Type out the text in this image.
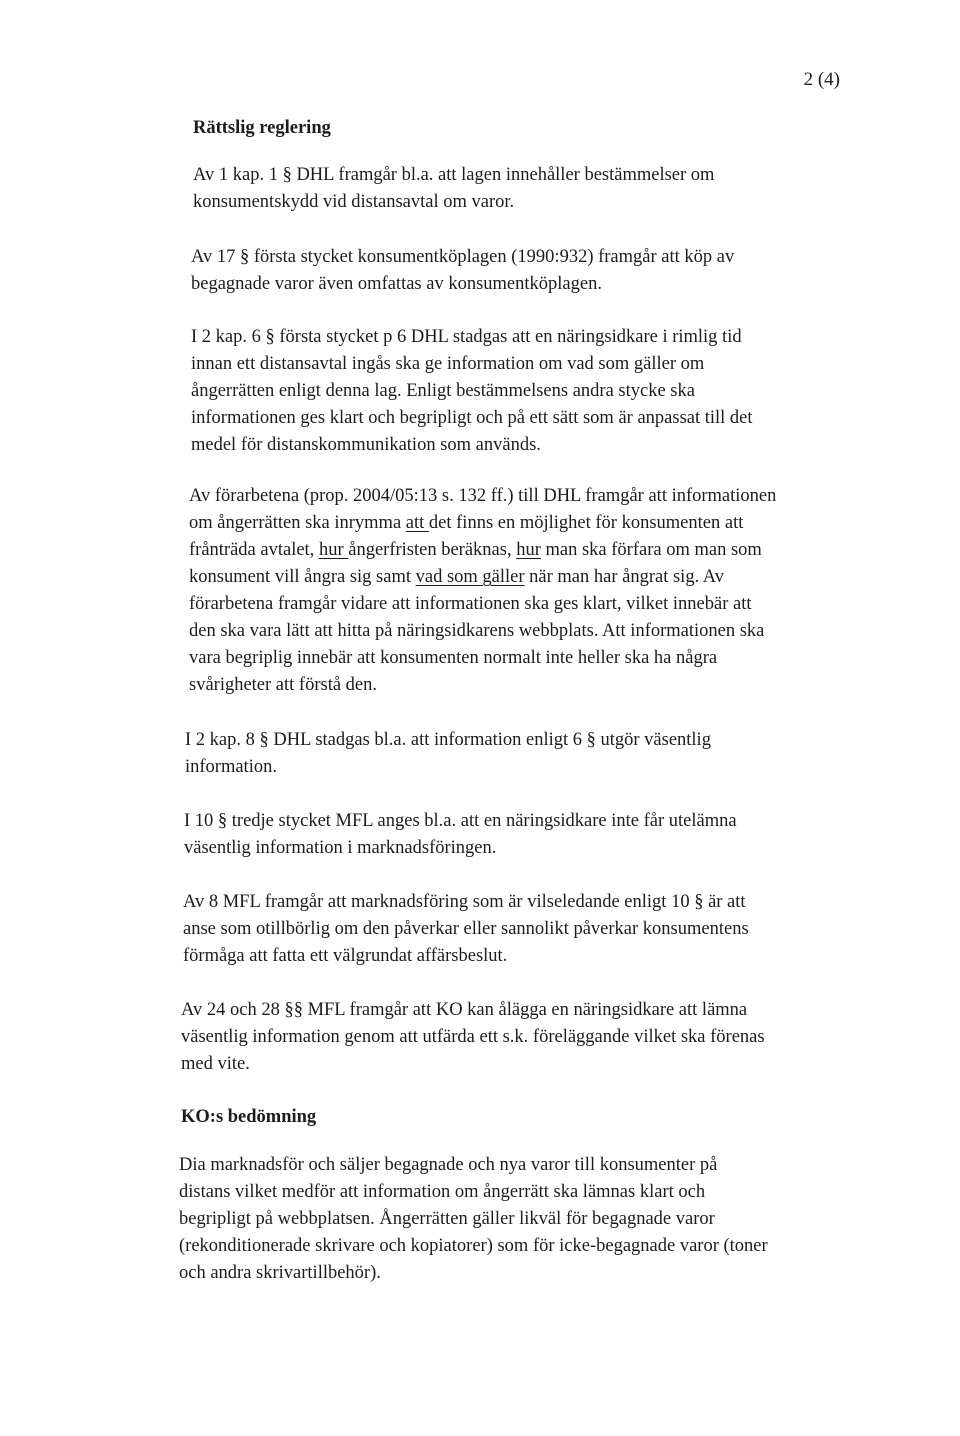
2 (4)
Rättslig reglering

Av 1 kap. 1 § DHL framgår bl.a. att lagen innehåller bestämmelser om
konsumentskydd vid distansavtal om varor.

Av 17 § första stycket konsumentköplagen (1990:932) framgår att köp av
begagnade varor även omfattas av konsumentköplagen.

I 2 kap. 6 § första stycket p 6 DHL stadgas att en näringsidkare i rimlig tid
innan ett distansavtal ingås ska ge information om vad som gäller om
ångerrätten enligt denna lag. Enligt bestämmelsens andra stycke ska
informationen ges klart och begripligt och på ett sätt som är anpassat till det
medel för distanskommunikation som används.

Av förarbetena (prop. 2004/05:13 s. 132 ff.) till DHL framgår att informationen
om ångerrätten ska inrymma att det finns en möjlighet för konsumenten att
frånträda avtalet, hur ångerfristen beräknas, hur man ska förfara om man som
konsument vill ångra sig samt vad som gäller när man har ångrat sig. Av
förarbetena framgår vidare att informationen ska ges klart, vilket innebär att
den ska vara lätt att hitta på näringsidkarens webbplats. Att informationen ska
vara begriplig innebär att konsumenten normalt inte heller ska ha några
svårigheter att förstå den.

I 2 kap. 8 § DHL stadgas bl.a. att information enligt 6 § utgör väsentlig
information.

I 10 § tredje stycket MFL anges bl.a. att en näringsidkare inte får utelämna
väsentlig information i marknadsföringen.

Av 8 MFL framgår att marknadsföring som är vilseledande enligt 10 § är att
anse som otillbörlig om den påverkar eller sannolikt påverkar konsumentens
förmåga att fatta ett välgrundat affärsbeslut.

Av 24 och 28 §§ MFL framgår att KO kan ålägga en näringsidkare att lämna
väsentlig information genom att utfärda ett s.k. föreläggande vilket ska förenas
med vite.

KO:s bedömning

Dia marknadsför och säljer begagnade och nya varor till konsumenter på
distans vilket medför att information om ångerrätt ska lämnas klart och
begripligt på webbplatsen. Ångerrätten gäller likväl för begagnade varor
(rekonditionerade skrivare och kopiatorer) som för icke-begagnade varor (toner
och andra skrivartillbehör).
